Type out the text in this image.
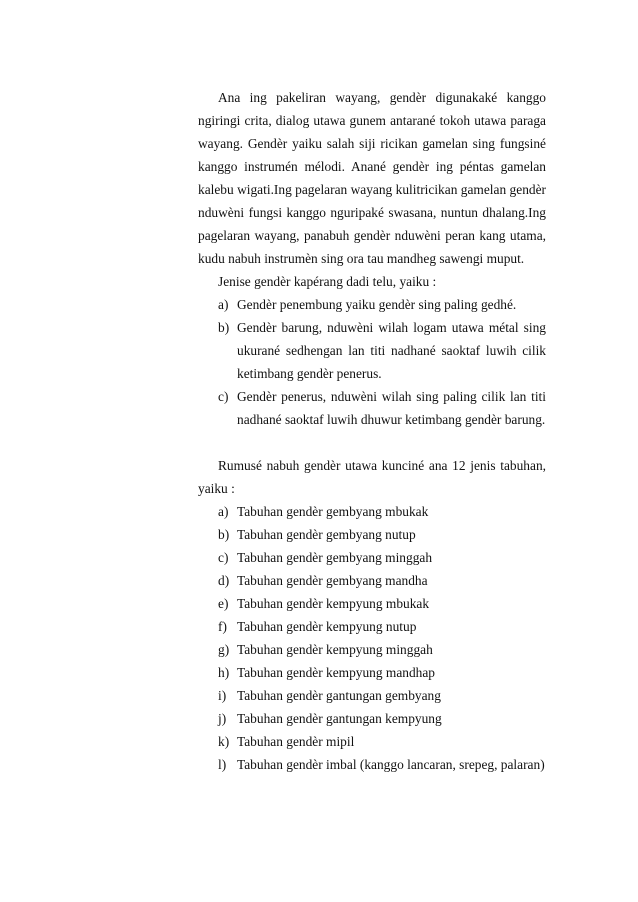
Ana ing pakeliran wayang, gendèr digunakaké kanggo ngiringi crita, dialog utawa gunem antarané tokoh utawa paraga wayang. Gendèr yaiku salah siji ricikan gamelan sing fungsiné kanggo instrumén mélodi. Anané gendèr ing péntas gamelan kalebu wigati.Ing pagelaran wayang kulitricikan gamelan gendèr nduwèni fungsi kanggo nguripaké swasana, nuntun dhalang.Ing pagelaran wayang, panabuh gendèr nduwèni peran kang utama, kudu nabuh instrumèn sing ora tau mandheg sawengi muput.

Jenise gendèr kapérang dadi telu, yaiku :

a) Gendèr penembung yaiku gendèr sing paling gedhé.
b) Gendèr barung, nduwèni wilah logam utawa métal sing ukurané sedhengan lan titi nadhané saoktaf luwih cilik ketimbang gendèr penerus.
c) Gendèr penerus, nduwèni wilah sing paling cilik lan titi nadhané saoktaf luwih dhuwur ketimbang gendèr barung.

Rumusé nabuh gendèr utawa kunciné ana 12 jenis tabuhan, yaiku :

a) Tabuhan gendèr gembyang mbukak
b) Tabuhan gendèr gembyang nutup
c) Tabuhan gendèr gembyang minggah
d) Tabuhan gendèr gembyang mandha
e) Tabuhan gendèr kempyung mbukak
f) Tabuhan gendèr kempyung nutup
g) Tabuhan gendèr kempyung minggah
h) Tabuhan gendèr kempyung mandhap
i) Tabuhan gendèr gantungan gembyang
j) Tabuhan gendèr gantungan kempyung
k) Tabuhan gendèr mipil
l) Tabuhan gendèr imbal (kanggo lancaran, srepeg, palaran)
